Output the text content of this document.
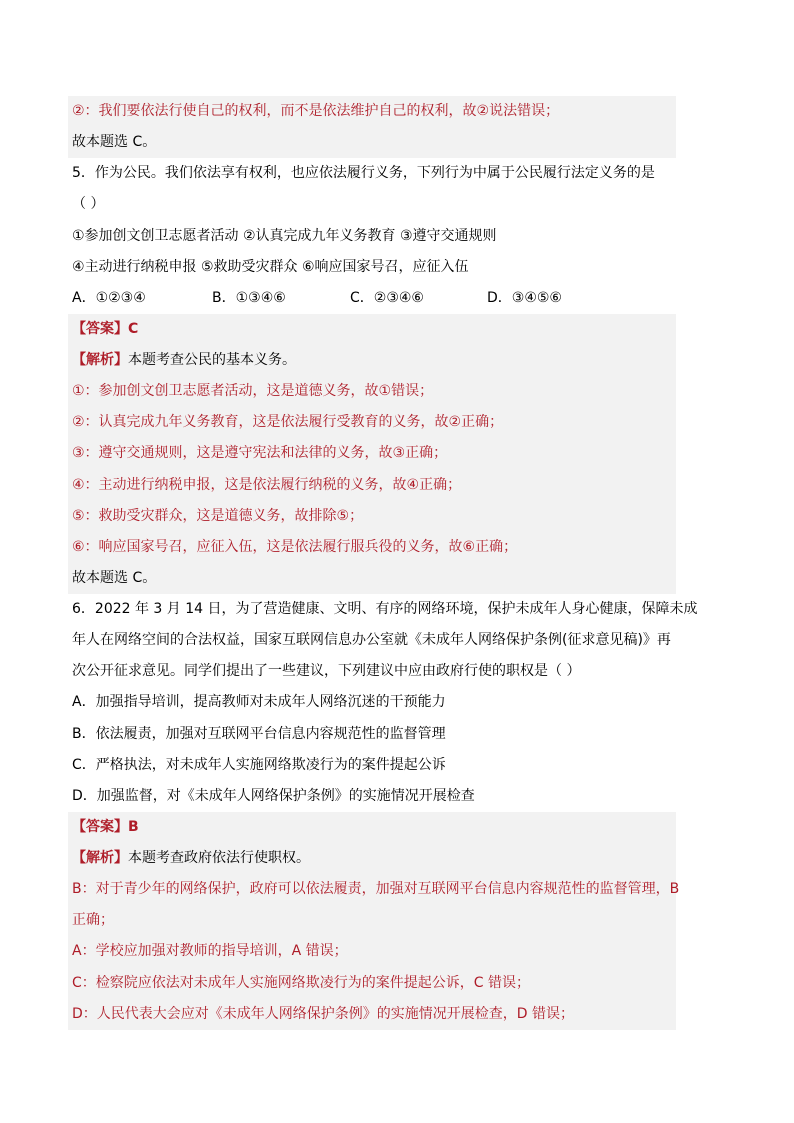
②：我们要依法行使自己的权利，而不是依法维护自己的权利，故②说法错误；
故本题选 C。
5．作为公民。我们依法享有权利，也应依法履行义务，下列行为中属于公民履行法定义务的是
（ ）
①参加创文创卫志愿者活动 ②认真完成九年义务教育 ③遵守交通规则
④主动进行纳税申报 ⑤救助受灾群众 ⑥响应国家号召，应征入伍
A．①②③④	B．①③④⑥	C．②③④⑥	D．③④⑤⑥
【答案】C
【解析】本题考查公民的基本义务。
①：参加创文创卫志愿者活动，这是道德义务，故①错误；
②：认真完成九年义务教育，这是依法履行受教育的义务，故②正确；
③：遵守交通规则，这是遵守宪法和法律的义务，故③正确；
④：主动进行纳税申报，这是依法履行纳税的义务，故④正确；
⑤：救助受灾群众，这是道德义务，故排除⑤；
⑥：响应国家号召，应征入伍，这是依法履行服兵役的义务，故⑥正确；
故本题选 C。
6．2022 年 3 月 14 日，为了营造健康、文明、有序的网络环境，保护未成年人身心健康，保障未成
年人在网络空间的合法权益，国家互联网信息办公室就《未成年人网络保护条例(征求意见稿)》再
次公开征求意见。同学们提出了一些建议，下列建议中应由政府行使的职权是（ ）
A．加强指导培训，提高教师对未成年人网络沉迷的干预能力
B．依法履责，加强对互联网平台信息内容规范性的监督管理
C．严格执法，对未成年人实施网络欺凌行为的案件提起公诉
D．加强监督，对《未成年人网络保护条例》的实施情况开展检查
【答案】B
【解析】本题考查政府依法行使职权。
B：对于青少年的网络保护，政府可以依法履责，加强对互联网平台信息内容规范性的监督管理，B
正确；
A：学校应加强对教师的指导培训，A 错误；
C：检察院应依法对未成年人实施网络欺凌行为的案件提起公诉，C 错误；
D：人民代表大会应对《未成年人网络保护条例》的实施情况开展检查，D 错误；
